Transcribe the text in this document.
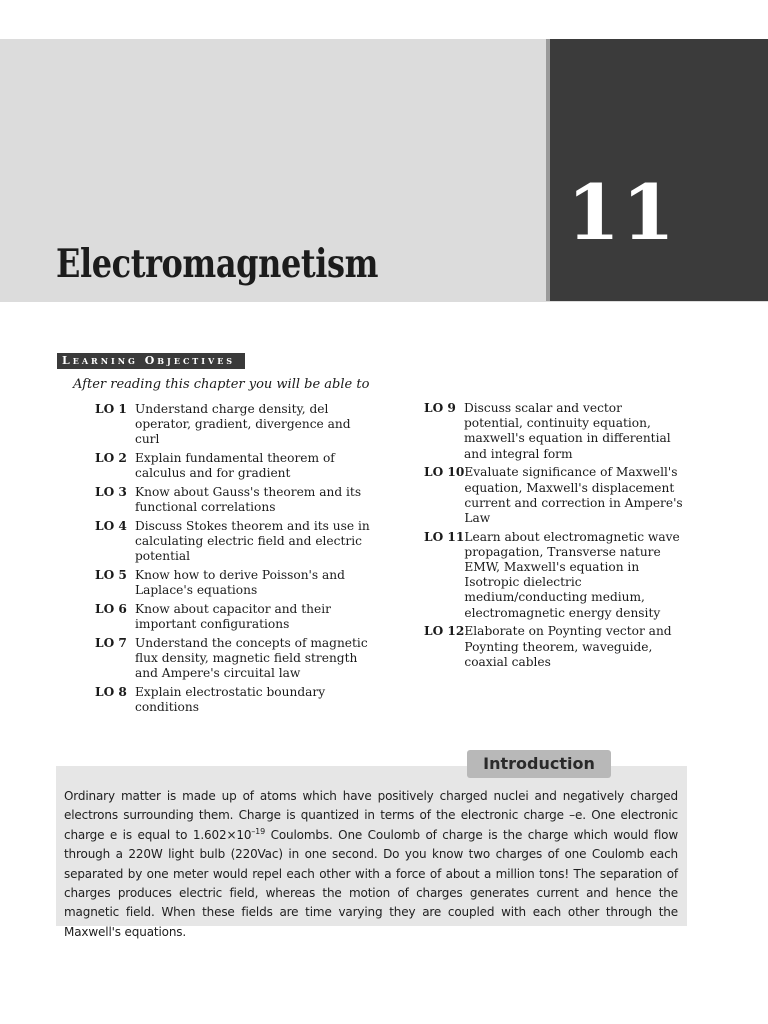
Electromagnetism
11
Learning Objectives
After reading this chapter you will be able to
LO 1 Understand charge density, del operator, gradient, divergence and curl
LO 2 Explain fundamental theorem of calculus and for gradient
LO 3 Know about Gauss's theorem and its functional correlations
LO 4 Discuss Stokes theorem and its use in calculating electric field and electric potential
LO 5 Know how to derive Poisson's and Laplace's equations
LO 6 Know about capacitor and their important configurations
LO 7 Understand the concepts of magnetic flux density, magnetic field strength and Ampere's circuital law
LO 8 Explain electrostatic boundary conditions
LO 9 Discuss scalar and vector potential, continuity equation, maxwell's equation in differential and integral form
LO 10 Evaluate significance of Maxwell's equation, Maxwell's displacement current and correction in Ampere's Law
LO 11 Learn about electromagnetic wave propagation, Transverse nature EMW, Maxwell's equation in Isotropic dielectric medium/conducting medium, electromagnetic energy density
LO 12 Elaborate on Poynting vector and Poynting theorem, waveguide, coaxial cables
Ordinary matter is made up of atoms which have positively charged nuclei and negatively charged electrons surrounding them. Charge is quantized in terms of the electronic charge –e. One electronic charge e is equal to $1.602\times 10^{-19}$ Coulombs. One Coulomb of charge is the charge which would flow through a 220W light bulb (220Vac) in one second. Do you know two charges of one Coulomb each separated by one meter would repel each other with a force of about a million tons! The separation of charges produces electric field, whereas the motion of charges generates current and hence the magnetic field. When these fields are time varying they are coupled with each other through the Maxwell's equations.
Introduction
